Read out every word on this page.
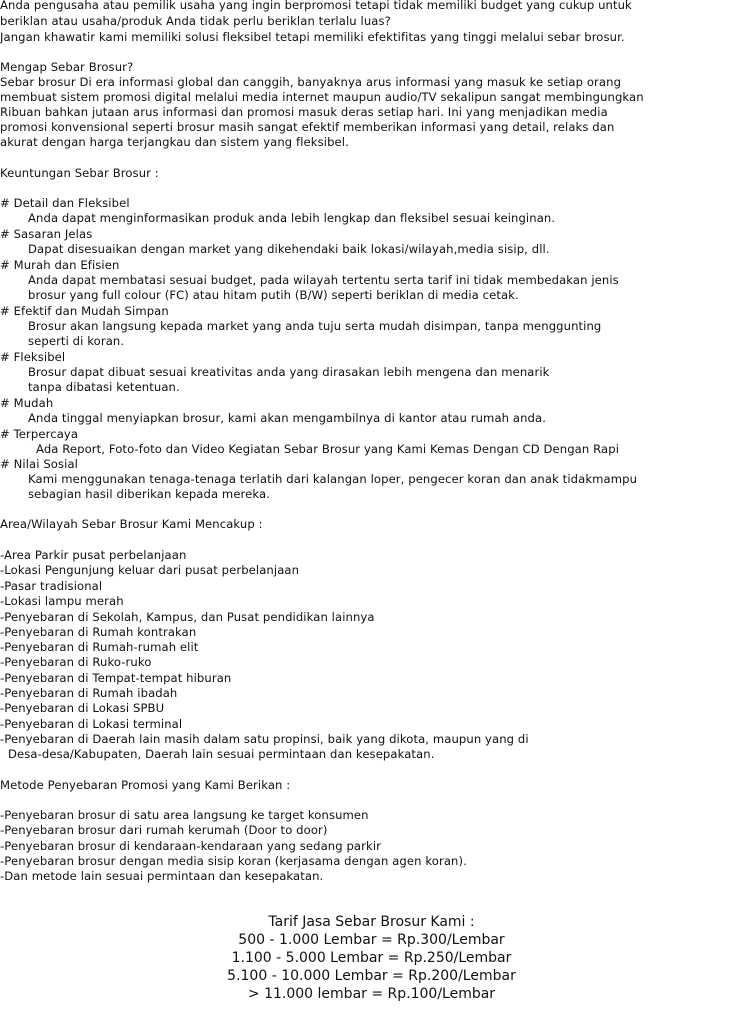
Anda pengusaha atau pemilik usaha yang ingin berpromosi tetapi tidak memiliki budget yang cukup untuk
beriklan atau usaha/produk Anda tidak perlu beriklan terlalu luas?
Jangan khawatir kami memiliki solusi fleksibel tetapi memiliki efektifitas yang tinggi melalui sebar brosur.
Mengap Sebar Brosur?
Sebar brosur Di era informasi global dan canggih, banyaknya arus informasi yang masuk ke setiap orang
membuat sistem promosi digital melalui media internet maupun audio/TV sekalipun sangat membingungkan
Ribuan bahkan jutaan arus informasi dan promosi masuk deras setiap hari. Ini yang menjadikan media
promosi konvensional seperti brosur masih sangat efektif memberikan informasi yang detail, relaks dan
akurat dengan harga terjangkau dan sistem yang fleksibel.
Keuntungan Sebar Brosur :
# Detail dan Fleksibel
Anda dapat menginformasikan produk anda lebih lengkap dan fleksibel sesuai keinginan.
# Sasaran Jelas
Dapat disesuaikan dengan market yang dikehendaki baik lokasi/wilayah,media sisip, dll.
# Murah dan Efisien
Anda dapat membatasi sesuai budget, pada wilayah tertentu serta tarif ini tidak membedakan jenis
brosur yang full colour (FC) atau hitam putih (B/W) seperti beriklan di media cetak.
# Efektif dan Mudah Simpan
Brosur akan langsung kepada market yang anda tuju serta mudah disimpan, tanpa menggunting
seperti di koran.
# Fleksibel
Brosur dapat dibuat sesuai kreativitas anda yang dirasakan lebih mengena dan menarik
tanpa dibatasi ketentuan.
# Mudah
Anda tinggal menyiapkan brosur, kami akan mengambilnya di kantor atau rumah anda.
# Terpercaya
Ada Report, Foto-foto dan Video Kegiatan Sebar Brosur yang Kami Kemas Dengan CD Dengan Rapi
# Nilai Sosial
Kami menggunakan tenaga-tenaga terlatih dari kalangan loper, pengecer koran dan anak tidakmampu
sebagian hasil diberikan kepada mereka.
Area/Wilayah Sebar Brosur Kami Mencakup :
-Area Parkir pusat perbelanjaan
-Lokasi Pengunjung keluar dari pusat perbelanjaan
-Pasar tradisional
-Lokasi lampu merah
-Penyebaran di Sekolah, Kampus, dan Pusat pendidikan lainnya
-Penyebaran di Rumah kontrakan
-Penyebaran di Rumah-rumah elit
-Penyebaran di Ruko-ruko
-Penyebaran di Tempat-tempat hiburan
-Penyebaran di Rumah ibadah
-Penyebaran di Lokasi SPBU
-Penyebaran di Lokasi terminal
-Penyebaran di Daerah lain masih dalam satu propinsi, baik yang dikota, maupun yang di
Desa-desa/Kabupaten, Daerah lain sesuai permintaan dan kesepakatan.
Metode Penyebaran Promosi yang Kami Berikan :
-Penyebaran brosur di satu area langsung ke target konsumen
-Penyebaran brosur dari rumah kerumah (Door to door)
-Penyebaran brosur di kendaraan-kendaraan yang sedang parkir
-Penyebaran brosur dengan media sisip koran (kerjasama dengan agen koran).
-Dan metode lain sesuai permintaan dan kesepakatan.
Tarif Jasa Sebar Brosur Kami :
500 - 1.000 Lembar = Rp.300/Lembar
1.100 - 5.000 Lembar = Rp.250/Lembar
5.100 - 10.000 Lembar = Rp.200/Lembar
> 11.000 lembar = Rp.100/Lembar
